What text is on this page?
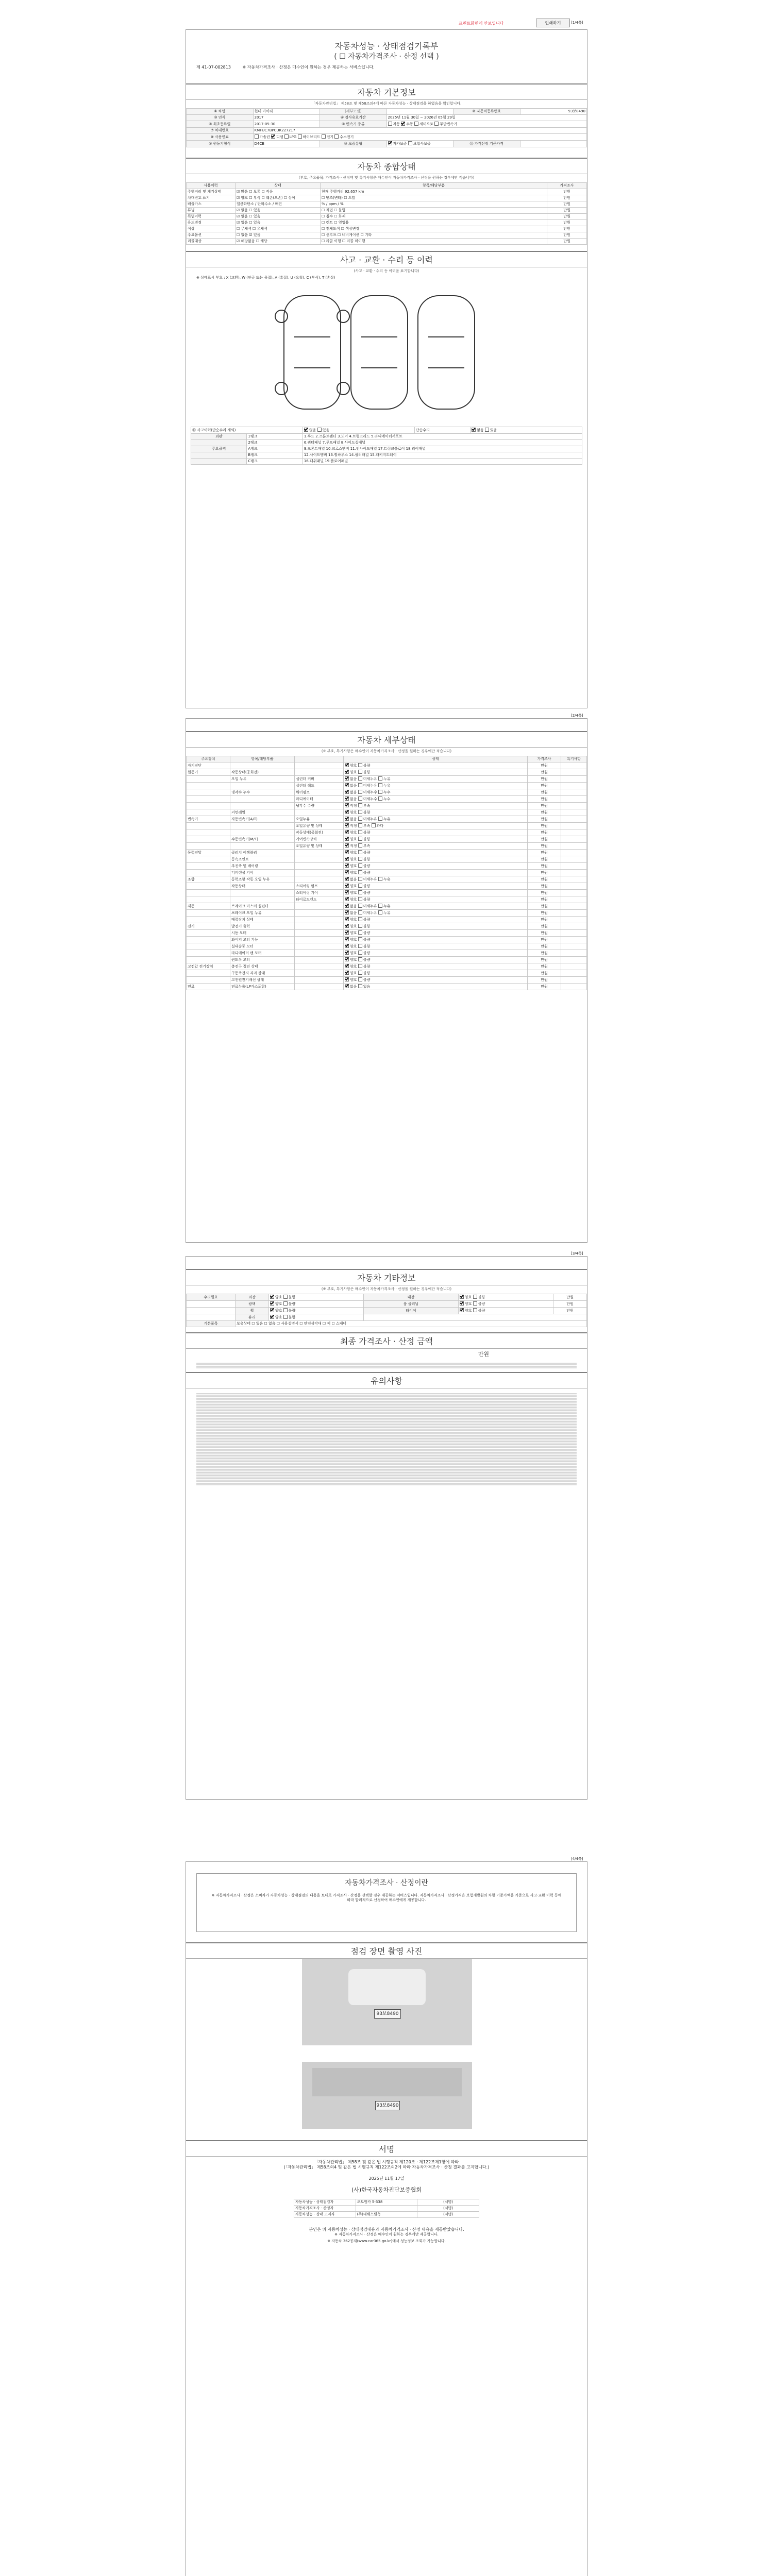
프린트화면에 안보입니다	인쇄하기	[1/4쪽]
자동차성능 · 상태점검기록부
( ☐ 자동차가격조사 · 산정 선택 )
제 41-07-002813	※ 자동차가격조사 · 산정은 매수인이 원하는 경우 제공하는 서비스입니다.
자동차 기본정보
「자동차관리법」 제58조 및 제58조의4에 따른 자동차성능 · 상태점검을 하였음을 확인합니다.
① 차명	현대 마이티	(세부모델)		② 자동차등록번호	93보8490
③ 연식	2017	④ 검사유효기간	2025년 11월 30일 ~ 2026년 05월 29일		
⑤ 최초등록일	2017-05-30	⑥ 변속기 종류	자동 수동 세미오토 무단변속기		
⑦ 차대번호	KMFUC7BPCUK227217				
⑧ 사용연료	가솔린 디젤 LPG 하이브리드 전기 수소전기				
⑨ 원동기형식	D4CB	⑩ 보증유형	자가보증 보험사보증	⑪ 가격산정 기준가격	
자동차 종합상태
(부호, 주요품목, 가격조사 · 산정액 및 특기사항은 매수인이 자동차가격조사 · 산정을 원하는 경우에만 적습니다)
사용이력	상태	항목/해당부품	가격조사
주행거리 및 계기상태	☑ 많음 ☐ 보통 ☐ 적음	현재 주행거리 92,657 km	만원
차대번호 표기	☑ 양호 ☐ 부식 ☐ 훼손(오손) ☐ 상이	☐ 변조(변타) ☐ 도말	만원
배출가스	일산화탄소 / 탄화수소 / 매연	% / ppm / %	만원
튜닝	☑ 없음 ☐ 있음	☐ 적법 ☐ 불법	만원
특별이력	☑ 없음 ☐ 있음	☐ 침수 ☐ 화재	만원
용도변경	☑ 없음 ☐ 있음	☐ 렌트 ☐ 영업용	만원
색상	☐ 무채색 ☐ 유채색	☐ 전체도색 ☐ 색상변경	만원
주요옵션	☐ 없음 ☑ 있음	☐ 선루프 ☐ 네비게이션 ☐ 기타	만원
리콜대상	☑ 해당없음 ☐ 해당	☐ 리콜 이행 ☐ 리콜 미이행	만원
사고 · 교환 · 수리 등 이력
(사고 · 교환 · 수리 등 이력을 표기합니다)
※ 상태표시 부호 : X (교환), W (판금 또는 용접), A (흠집), U (요철), C (부식), T (손상)
⑫ 사고이력(단순수리 제외)		없음 있음	단순수리	없음 있음
외판	1랭크	1.후드 2.프론트펜더 3.도어 4.트렁크리드 5.라디에이터서포트		
	2랭크	6.쿼터패널 7.루프패널 8.사이드실패널		
주요골격	A랭크	9.프론트패널 10.크로스멤버 11.인사이드패널 17.트렁크플로어 18.리어패널		
	B랭크	12.사이드멤버 13.휠하우스 14.필러패널 15.패키지트레이		
	C랭크	16.대쉬패널 19.플로어패널		
[2/4쪽]
자동차 세부상태
(※ 부호, 특기사항은 매수인이 자동차가격조사 · 산정을 원하는 경우에만 적습니다)
주요장치	항목/해당부품		상태	가격조사	특기사항
자기진단			양호 불량	만원	
원동기	작동상태(공회전)		양호 불량	만원	
	오일 누유	실린더 커버	없음 미세누유 누유	만원	
		실린더 헤드	없음 미세누유 누유	만원	
	냉각수 누수	워터펌프	없음 미세누수 누수	만원	
		라디에이터	없음 미세누수 누수	만원	
		냉각수 수량	적정 부족	만원	
	커먼레일		양호 불량	만원	
변속기	자동변속기(A/T)	오일누유	없음 미세누유 누유	만원	
		오일유량 및 상태	적정 부족 과다	만원	
		작동상태(공회전)	양호 불량	만원	
	수동변속기(M/T)	기어변속장치	양호 불량	만원	
		오일유량 및 상태	적정 부족	만원	
동력전달	클러치 어셈블리		양호 불량	만원	
	등속조인트		양호 불량	만원	
	추진축 및 베어링		양호 불량	만원	
	디퍼렌셜 기어		양호 불량	만원	
조향	동력조향 작동 오일 누유		없음 미세누유 누유	만원	
	작동상태	스티어링 펌프	양호 불량	만원	
		스티어링 기어	양호 불량	만원	
		타이로드엔드	양호 불량	만원	
제동	브레이크 마스터 실린더		없음 미세누유 누유	만원	
	브레이크 오일 누유		없음 미세누유 누유	만원	
	배력장치 상태		양호 불량	만원	
전기	발전기 출력		양호 불량	만원	
	시동 모터		양호 불량	만원	
	와이퍼 모터 기능		양호 불량	만원	
	실내송풍 모터		양호 불량	만원	
	라디에이터 팬 모터		양호 불량	만원	
	윈도우 모터		양호 불량	만원	
고전압 전기장치	충전구 절연 상태		양호 불량	만원	
	구동축전지 격리 상태		양호 불량	만원	
	고전원전기배선 상태		양호 불량	만원	
연료	연료누출(LP가스포함)		없음 있음	만원	
[3/4쪽]
자동차 기타정보
(※ 부호, 특기사항은 매수인이 자동차가격조사 · 산정을 원하는 경우에만 적습니다)
수리필요	외장	양호 불량	내장	양호 불량	만원
	광택	양호 불량	룸 클리닝	양호 불량	만원
	휠	양호 불량	타이어	양호 불량	만원
	유리	양호 불량			
기본품목	보유상태 ☐ 있음 ☐ 없음 ☐ 사용설명서 ☐ 안전삼각대 ☐ 잭 ☐ 스패너				
최종 가격조사 · 산정 금액
만원
유의사항
[4/4쪽]
자동차가격조사 · 산정이란
※ 자동차가격조사 · 산정은 소비자가 자동차성능 · 상태점검의 내용을 토대로 가격조사 · 산정을 선택할 경우 제공하는 서비스입니다. 자동차가격조사 · 산정가격은 보험개발원의 차량 기준가액을 기준으로 사고·교환 이력 등에 따라 합리적으로 산정하여 매수인에게 제공합니다.
점검 장면 촬영 사진
93보8490
93보8490
서명
「자동차관리법」 제58조 및 같은 법 시행규칙 제120조 · 제122조제1항에 따라
(「자동차관리법」 제58조의4 및 같은 법 시행규칙 제122조의2에 따라 자동차가격조사 · 산정 결과를 고지합니다.)
2025년 11월 17일
(사)한국자동차진단보증협회
자동차성능 · 상태점검자	오토원카 5-338	(서명)
자동차가격조사 · 산정자		(서명)
자동차성능 · 상태 고지자	(주)대해스틸축	(서명)
본인은 위 자동차성능 · 상태점검내용과 자동차가격조사 · 산정 내용을 제공받았습니다.
※ 자동차가격조사 · 산정은 매수인이 원하는 경우에만 제공합니다.
※ 자동차 362공제(www.car365.go.kr)에서 성능정보 조회가 가능합니다.
